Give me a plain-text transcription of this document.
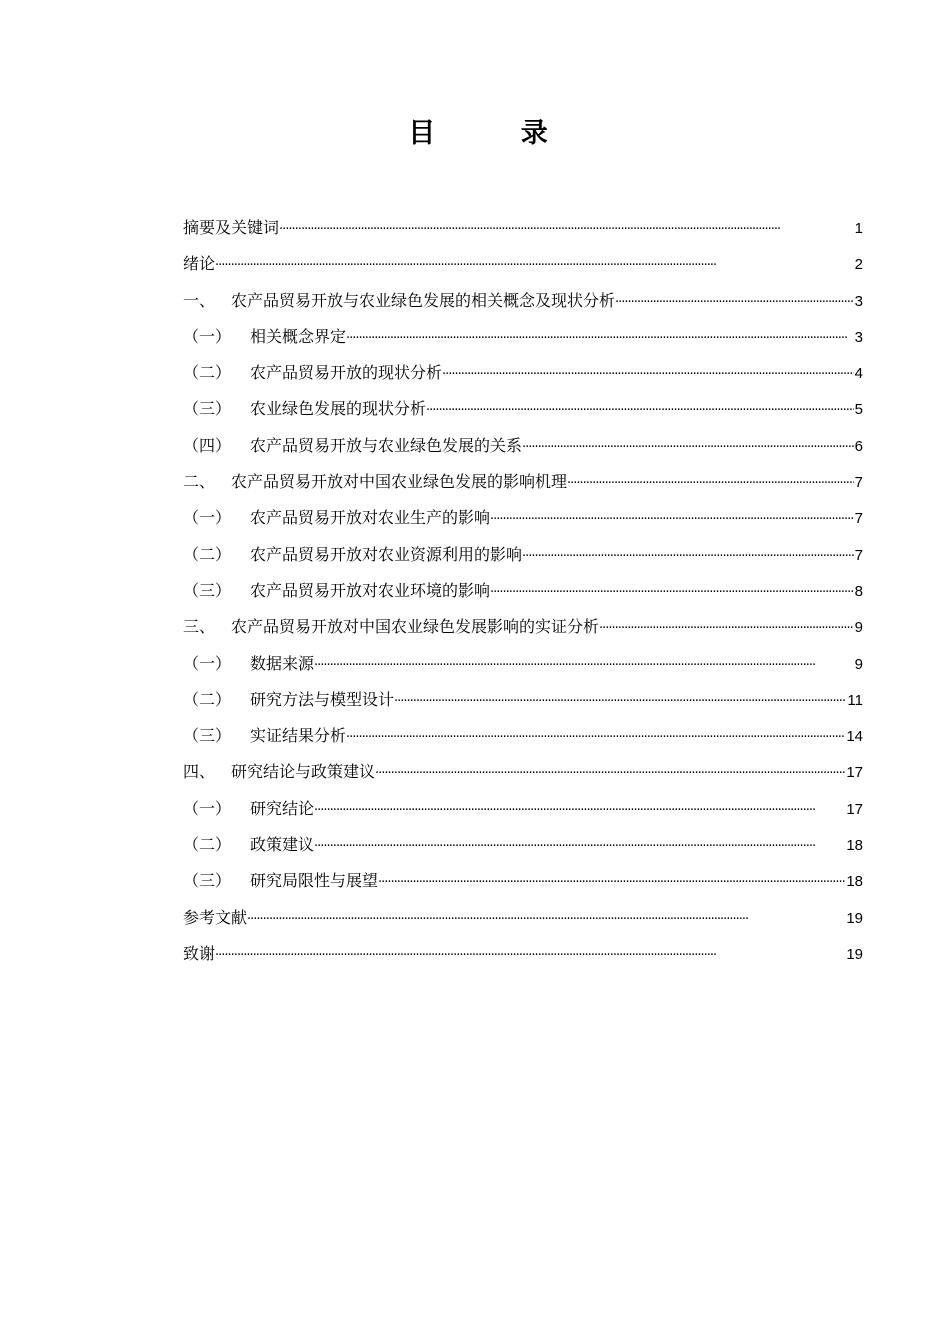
目 录
摘要及关键词 ·····	1
绪论 ·····	2
一、 农产品贸易开放与农业绿色发展的相关概念及现状分析 ·····	3
（一）	相关概念界定 ·····	3
（二）	农产品贸易开放的现状分析 ·····	4
（三）	农业绿色发展的现状分析 ·····	5
（四）	农产品贸易开放与农业绿色发展的关系 ·····	6
二、 农产品贸易开放对中国农业绿色发展的影响机理 ·····	7
（一）	农产品贸易开放对农业生产的影响 ·····	7
（二）	农产品贸易开放对农业资源利用的影响 ·····	7
（三）	农产品贸易开放对农业环境的影响 ·····	8
三、 农产品贸易开放对中国农业绿色发展影响的实证分析 ·····	9
（一）	数据来源 ·····	9
（二）	研究方法与模型设计 ·····	11
（三）	实证结果分析 ·····	14
四、 研究结论与政策建议 ·····	17
（一）	研究结论 ·····	17
（二）	政策建议 ·····	18
（三）	研究局限性与展望 ·····	18
参考文献 ·····	19
致谢 ·····	19
